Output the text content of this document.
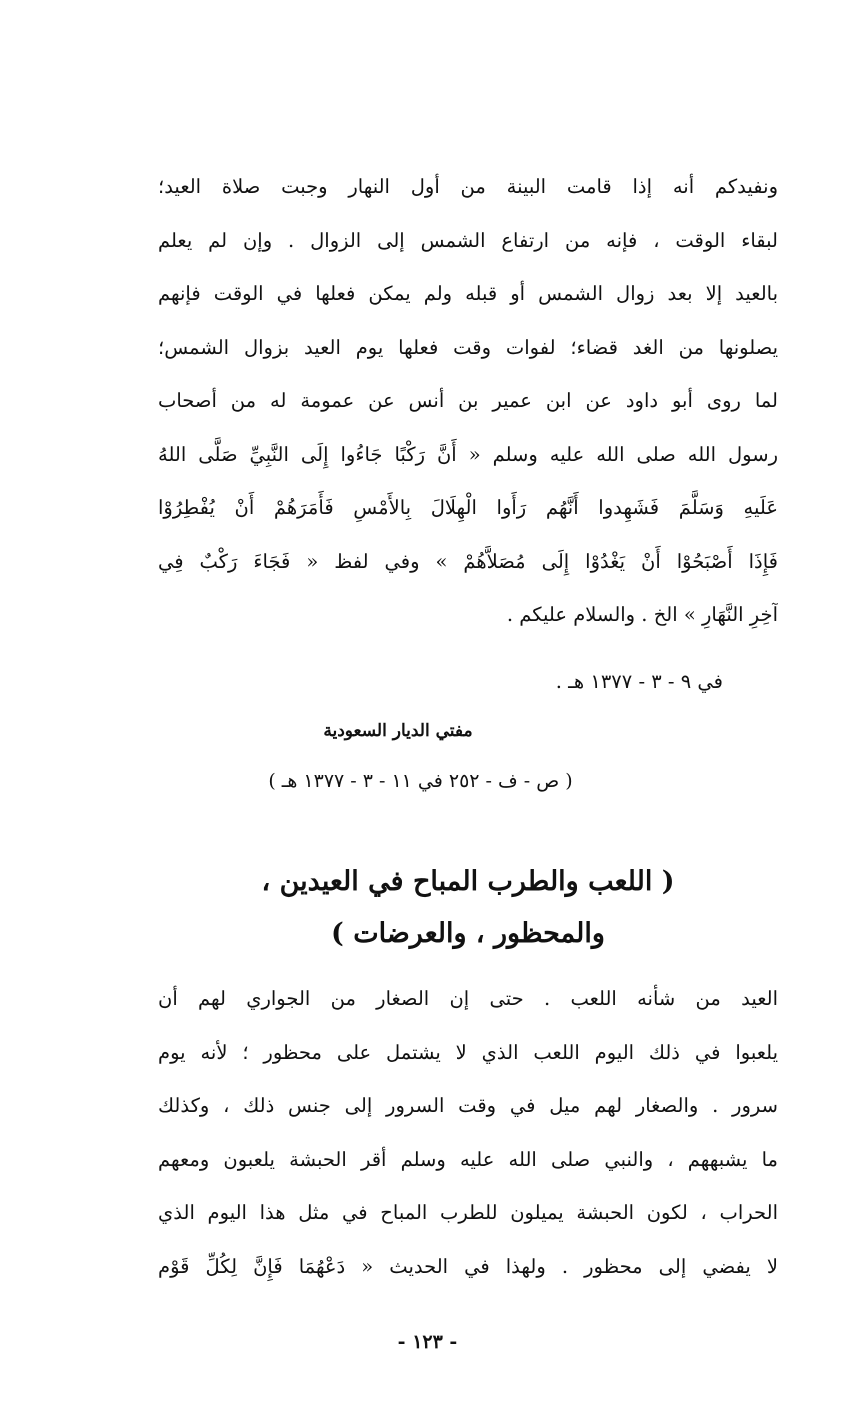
ونفيدكم أنه إذا قامت البينة من أول النهار وجبت صلاة العيد؛
لبقاء الوقت ، فإنه من ارتفاع الشمس إلى الزوال . وإن لم يعلم
بالعيد إلا بعد زوال الشمس أو قبله ولم يمكن فعلها في الوقت فإنهم
يصلونها من الغد قضاء؛ لفوات وقت فعلها يوم العيد بزوال الشمس؛
لما روى أبو داود عن ابن عمير بن أنس عن عمومة له من أصحاب
رسول الله صلى الله عليه وسلم « أَنَّ رَكْبًا جَاءُوا إِلَى النَّبِيِّ صَلَّى اللهُ
عَلَيهِ وَسَلَّمَ فَشَهِدوا أَنَّهُم رَأَوا الْهِلَالَ بِالأَمْسِ فَأَمَرَهُمْ أَنْ يُفْطِرُوْا
فَإِذَا أَصْبَحُوْا أَنْ يَغْدُوْا إِلَى مُصَلاَّهُمْ » وفي لفظ « فَجَاءَ رَكْبٌ فِي
آخِرِ النَّهَارِ » الخ . والسلام عليكم .
في ٩ - ٣ - ١٣٧٧ هـ .
مفتي الديار السعودية
( ص - ف - ٢٥٢ في ١١ - ٣ - ١٣٧٧ هـ )
( اللعب والطرب المباح في العيدين ،
والمحظور ، والعرضات )
العيد من شأنه اللعب . حتى إن الصغار من الجواري لهم أن
يلعبوا في ذلك اليوم اللعب الذي لا يشتمل على محظور ؛ لأنه يوم
سرور . والصغار لهم ميل في وقت السرور إلى جنس ذلك ، وكذلك
ما يشبههم ، والنبي صلى الله عليه وسلم أقر الحبشة يلعبون ومعهم
الحراب ، لكون الحبشة يميلون للطرب المباح في مثل هذا اليوم الذي
لا يفضي إلى محظور . ولهذا في الحديث « دَعْهُمَا فَإِنَّ لِكُلِّ قَوْم
- ١٢٣ -
